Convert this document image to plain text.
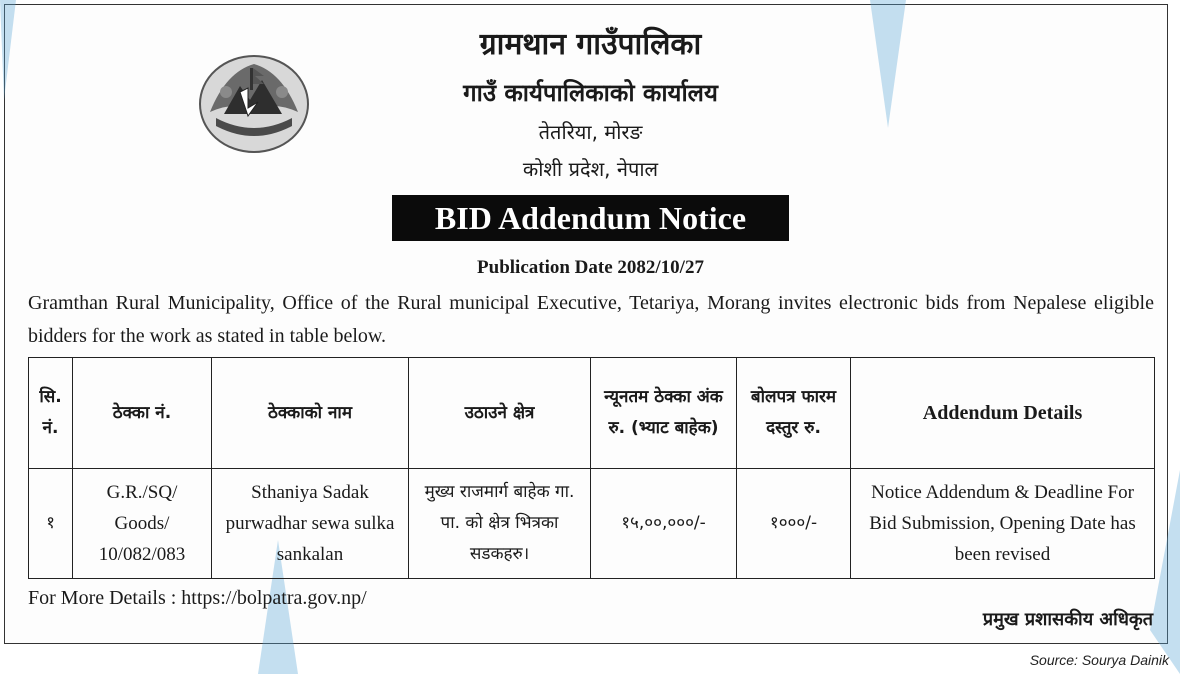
ग्रामथान गाउँपालिका
गाउँ कार्यपालिकाको कार्यालय
तेतरिया, मोरङ
कोशी प्रदेश, नेपाल
BID Addendum Notice
Publication Date 2082/10/27
Gramthan Rural Municipality, Office of the Rural municipal Executive, Tetariya, Morang invites electronic bids from Nepalese eligible bidders for the work as stated in table below.
सि. नं.	ठेक्का नं.	ठेक्काको नाम	उठाउने क्षेत्र	न्यूनतम ठेक्का अंक रु. (भ्याट बाहेक)	बोलपत्र फारम दस्तुर रु.	Addendum Details
१	G.R./SQ/ Goods/ 10/082/083	Sthaniya Sadak purwadhar sewa sulka sankalan	मुख्य राजमार्ग बाहेक गा. पा. को क्षेत्र भित्रका सडकहरु।	१५,००,०००/-	१०००/-	Notice Addendum & Deadline For Bid Submission, Opening Date has been revised
For More Details : https://bolpatra.gov.np/
प्रमुख प्रशासकीय अधिकृत
Source: Sourya Dainik
